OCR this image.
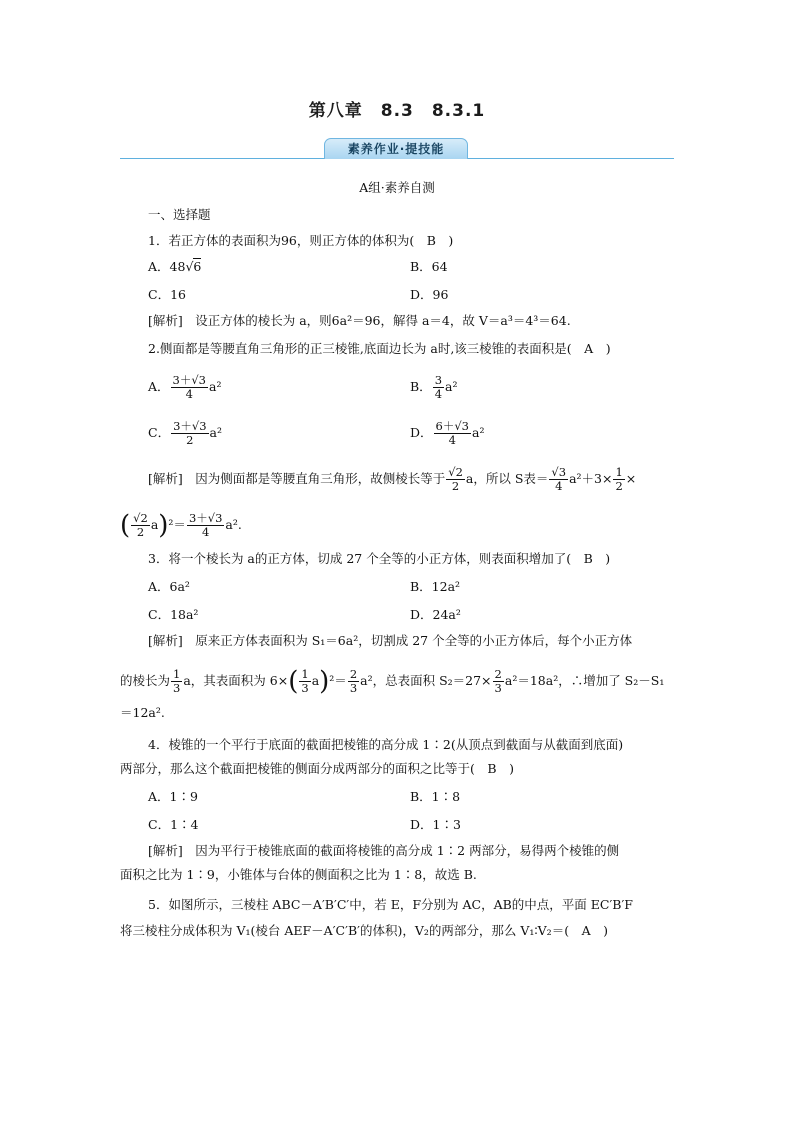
第八章　8.3　8.3.1
素养作业·提技能
A组·素养自测
一、选择题
1．若正方体的表面积为96，则正方体的体积为(　B　)
A．48√6	B．64
C．16	D．96
[解析]　设正方体的棱长为 a，则6a²＝96，解得 a＝4，故 V＝a³＝4³＝64.
2.侧面都是等腰直角三角形的正三棱锥,底面边长为 a时,该三棱锥的表面积是(　A　)
A． $\frac{3+√3}{4} a^2$	B． $\frac{3}{4} a^2$
C． $\frac{3+√3}{2} a^2$	D． $\frac{6+√3}{4} a^2$
[解析]　因为侧面都是等腰直角三角形，故侧棱长等于 $\frac{√2}{2}$ a，所以 S表＝ $\frac{√3}{4} a^2+3\times \frac{1}{2}$ ×
( $\frac{√2}{2} a)^2= \frac{3+√3}{4} a^2$.
3．将一个棱长为 a的正方体，切成 27 个全等的小正方体，则表面积增加了(　B　)
A．6a²	B．12a²
C．18a²	D．24a²
[解析]　原来正方体表面积为 S₁＝6a²，切割成 27 个全等的小正方体后，每个小正方体
的棱长为 $\frac{1}{3}$ a，其表面积为 $6\times( \frac{1}{3} a)^2= \frac{2}{3} a^2$，总表面积 $S_2=27\times \frac{2}{3} a^2=18a^2$，∴增加了 S₂－S₁
＝12a².
4．棱锥的一个平行于底面的截面把棱锥的高分成 1∶2(从顶点到截面与从截面到底面)
两部分，那么这个截面把棱锥的侧面分成两部分的面积之比等于(　B　)
A．1∶9	B．1∶8
C．1∶4	D．1∶3
[解析]　因为平行于棱锥底面的截面将棱锥的高分成 1∶2 两部分，易得两个棱锥的侧
面积之比为 1∶9，小锥体与台体的侧面积之比为 1∶8，故选 B.
5．如图所示，三棱柱 ABC－A′B′C′中，若 E，F分别为 AC，AB的中点，平面 EC′B′F
将三棱柱分成体积为 V₁(棱台 AEF－A′C′B′的体积)，V₂的两部分，那么 V₁∶V₂＝(　A　)
